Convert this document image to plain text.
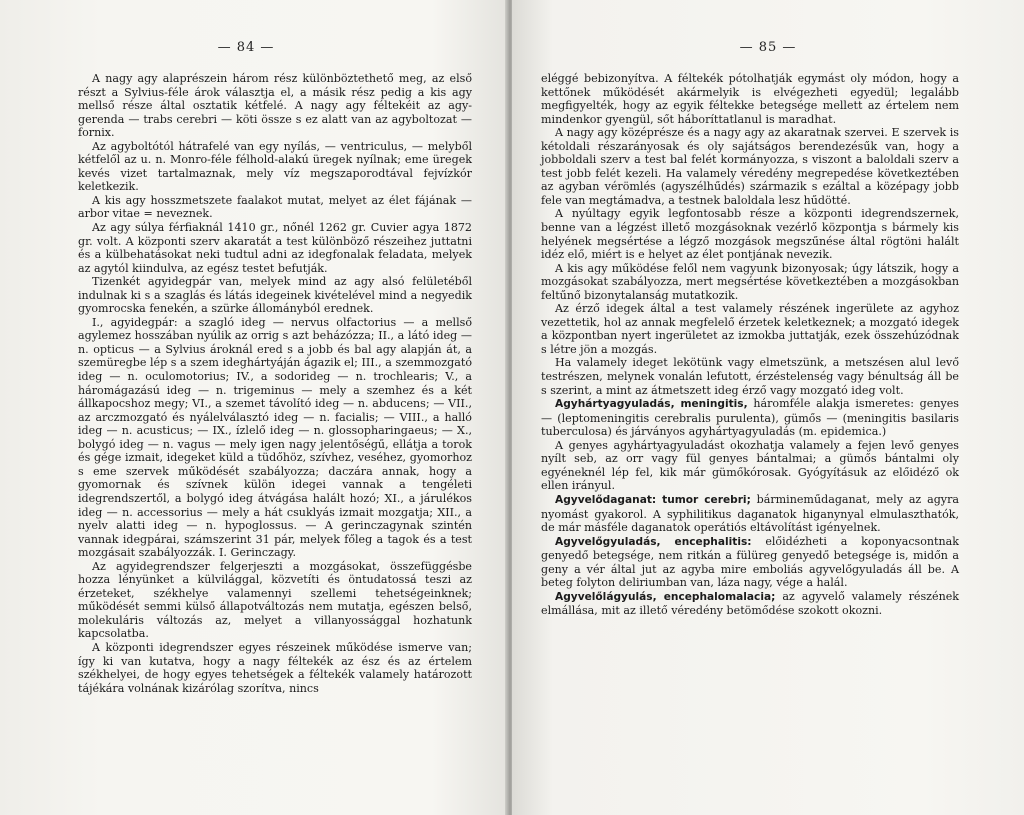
— 84 —

A nagy agy alaprészein három rész különböztethető meg, az első részt a Sylvius-féle árok választja el, a másik rész pedig a kis agy mellső része által osztatik kétfelé. A nagy agy féltekéit az agy-gerenda — trabs cerebri — köti össze s ez alatt van az agyboltozat — fornix.

Az agyboltótól hátrafelé van egy nyílás, — ventriculus, — melyből kétfelől az u. n. Monro-féle félhold-alakú üregek nyílnak; eme üregek kevés vizet tartalmaznak, mely víz megszaporodtával fejvízkór keletkezik.

A kis agy hosszmetszete faalakot mutat, melyet az élet fájának — arbor vitae = neveznek.

Az agy súlya férfiaknál 1410 gr., nőnél 1262 gr. Cuvier agya 1872 gr. volt. A központi szerv akaratát a test különböző részeihez juttatni és a külbehatásokat neki tudtul adni az idegfonalak feladata, melyek az agytól kiindulva, az egész testet befutják.

Tizenkét agyidegpár van, melyek mind az agy alsó felületéből indulnak ki s a szaglás és látás idegeinek kivételével mind a negyedik gyomrocska fenekén, a szürke állományból erednek.

I., agyidegpár: a szagló ideg — nervus olfactorius — a mellső agylemez hosszában nyúlik az orrig s azt beházózza; II., a látó ideg — n. opticus — a Sylvius ároknál ered s a jobb és bal agy alapján át, a szemüregbe lép s a szem ideghártyáján ágazik el; III., a szemmozgató ideg — n. oculomotorius; IV., a sodorideg — n. trochlearis; V., a háromágazású ideg — n. trigeminus — mely a szemhez és a két állkapocshoz megy; VI., a szemet távolító ideg — n. abducens; — VII., az arczmozgató és nyálelválasztó ideg — n. facialis; — VIII., a halló ideg — n. acusticus; — IX., ízlelő ideg — n. glossopharingaeus; — X., bolygó ideg — n. vagus — mely igen nagy jelentőségű, ellátja a torok és gége izmait, idegeket küld a tüdőhöz, szívhez, veséhez, gyomorhoz s eme szervek működését szabályozza; daczára annak, hogy a gyomornak és szívnek külön idegei vannak a tengéleti idegrendszertől, a bolygó ideg átvágása halált hozó; XI., a járulékos ideg — n. accessorius — mely a hát csuklyás izmait mozgatja; XII., a nyelv alatti ideg — n. hypoglossus. — A gerinczagynak szintén vannak idegpárai, számszerint 31 pár, melyek főleg a tagok és a test mozgásait szabályozzák. I. Gerinczagy.

Az agyidegrendszer felgerjeszti a mozgásokat, összefüggésbe hozza lényünket a külvilággal, közvetíti és öntudatossá teszi az érzeteket, székhelye valamennyi szellemi tehetségeinknek; működését semmi külső állapotváltozás nem mutatja, egészen belső, molekuláris változás az, melyet a villanyossággal hozhatunk kapcsolatba.

A központi idegrendszer egyes részeinek működése ismerve van; így ki van kutatva, hogy a nagy féltekék az ész és az értelem székhelyei, de hogy egyes tehetségek a féltekék valamely határozott tájékára volnának kizárólag szorítva, nincs

— 85 —

eléggé bebizonyítva. A féltekék pótolhatják egymást oly módon, hogy a kettőnek működését akármelyik is elvégezheti egyedül; legalább megfigyelték, hogy az egyik féltekke betegsége mellett az értelem nem mindenkor gyengül, sőt háboríttatlanul is maradhat.

A nagy agy középrésze és a nagy agy az akaratnak szervei. E szervek is kétoldali részarányosak és oly sajátságos berendezésűk van, hogy a jobboldali szerv a test bal felét kormányozza, s viszont a baloldali szerv a test jobb felét kezeli. Ha valamely véredény megrepedése következtében az agyban vérömlés (agyszélhűdés) származik s ezáltal a középagy jobb fele van megtámadva, a testnek baloldala lesz hűdötté.

A nyúltagy egyik legfontosabb része a központi idegrendszernek, benne van a légzést illető mozgásoknak vezérlő központja s bármely kis helyének megsértése a légző mozgások megszűnése által rögtöni halált idéz elő, miért is e helyet az élet pontjának nevezik.

A kis agy működése felől nem vagyunk bizonyosak; úgy látszik, hogy a mozgásokat szabályozza, mert megsértése következtében a mozgásokban feltűnő bizonytalanság mutatkozik.

Az érző idegek által a test valamely részének ingerülete az agyhoz vezettetik, hol az annak megfelelő érzetek keletkeznek; a mozgató idegek a központban nyert ingerületet az izmokba juttatják, ezek összehúzódnak s létre jön a mozgás.

Ha valamely ideget lekötünk vagy elmetszünk, a metszésen alul levő testrészen, melynek vonalán lefutott, érzéstelenség vagy bénultság áll be s szerint, a mint az átmetszett ideg érző vagy mozgató ideg volt.

Agyhártyagyuladás, meningitis, háromféle alakja ismeretes: genyes — (leptomeningitis cerebralis purulenta), gümős — (meningitis basilaris tuberculosa) és járványos agyhártyagyuladás (m. epidemica.)

A genyes agyhártyagyuladást okozhatja valamely a fejen levő genyes nyílt seb, az orr vagy fül genyes bántalmai; a gümős bántalmi oly egyéneknél lép fel, kik már gümőkórosak. Gyógyításuk az előidéző ok ellen irányul.

Agyvelődaganat: tumor cerebri; bármineműdaganat, mely az agyra nyomást gyakorol. A syphilitikus daganatok higanynyal elmulaszthatók, de már másféle daganatok operátiós eltávolítást igényelnek.

Agyvelőgyuladás, encephalitis: előidézheti a koponyacsontnak genyedő betegsége, nem ritkán a fülüreg genyedő betegsége is, midőn a geny a vér által jut az agyba mire emboliás agyvelőgyuladás áll be. A beteg folyton deliriumban van, láza nagy, vége a halál.

Agyvelőlágyulás, encephalomalacia; az agyvelő valamely részének elmállása, mit az illető véredény betömődése szokott okozni.
